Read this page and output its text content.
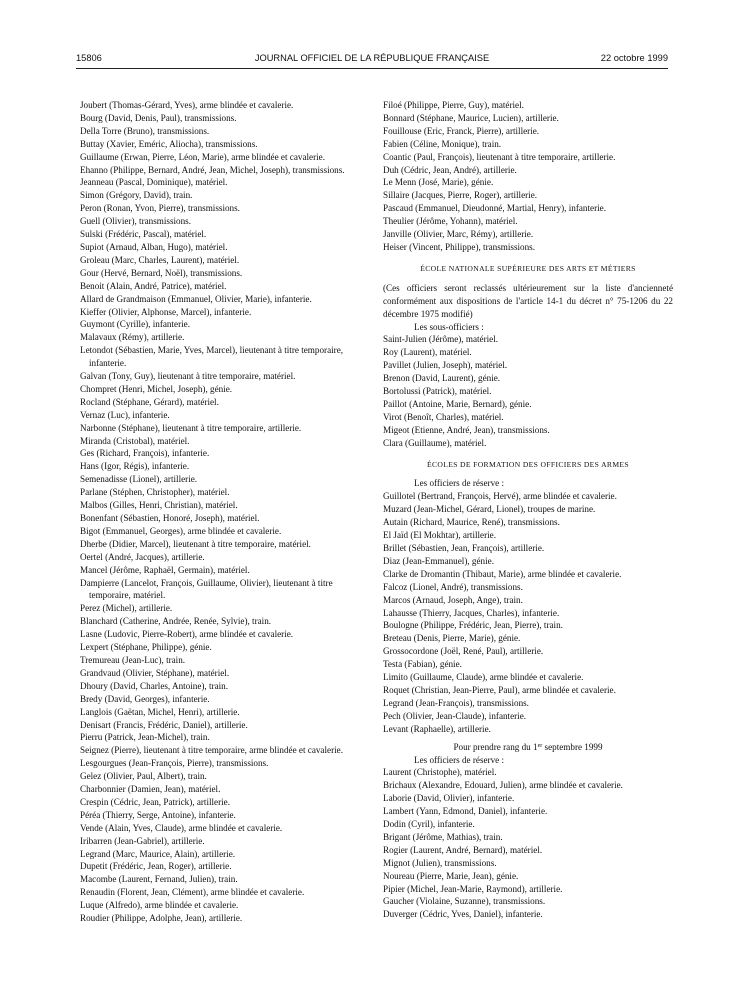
15806	JOURNAL OFFICIEL DE LA RÉPUBLIQUE FRANÇAISE	22 octobre 1999
Joubert (Thomas-Gérard, Yves), arme blindée et cavalerie.
Bourg (David, Denis, Paul), transmissions.
Della Torre (Bruno), transmissions.
Buttay (Xavier, Eméric, Aliocha), transmissions.
Guillaume (Erwan, Pierre, Léon, Marie), arme blindée et cavalerie.
Ehanno (Philippe, Bernard, André, Jean, Michel, Joseph), transmissions.
Jeanneau (Pascal, Dominique), matériel.
Simon (Grégory, David), train.
Peron (Ronan, Yvon, Pierre), transmissions.
Guell (Olivier), transmissions.
Sulski (Frédéric, Pascal), matériel.
Supiot (Arnaud, Alban, Hugo), matériel.
Groleau (Marc, Charles, Laurent), matériel.
Gour (Hervé, Bernard, Noël), transmissions.
Benoit (Alain, André, Patrice), matériel.
Allard de Grandmaison (Emmanuel, Olivier, Marie), infanterie.
Kieffer (Olivier, Alphonse, Marcel), infanterie.
Guymont (Cyrille), infanterie.
Malavaux (Rémy), artillerie.
Letondot (Sébastien, Marie, Yves, Marcel), lieutenant à titre temporaire, infanterie.
Galvan (Tony, Guy), lieutenant à titre temporaire, matériel.
Chompret (Henri, Michel, Joseph), génie.
Rocland (Stéphane, Gérard), matériel.
Vernaz (Luc), infanterie.
Narbonne (Stéphane), lieutenant à titre temporaire, artillerie.
Miranda (Cristobal), matériel.
Ges (Richard, François), infanterie.
Hans (Igor, Régis), infanterie.
Semenadisse (Lionel), artillerie.
Parlane (Stéphen, Christopher), matériel.
Malbos (Gilles, Henri, Christian), matériel.
Bonenfant (Sébastien, Honoré, Joseph), matériel.
Bigot (Emmanuel, Georges), arme blindée et cavalerie.
Dherbe (Didier, Marcel), lieutenant à titre temporaire, matériel.
Oertel (André, Jacques), artillerie.
Mancel (Jérôme, Raphaël, Germain), matériel.
Dampierre (Lancelot, François, Guillaume, Olivier), lieutenant à titre temporaire, matériel.
Perez (Michel), artillerie.
Blanchard (Catherine, Andrée, Renée, Sylvie), train.
Lasne (Ludovic, Pierre-Robert), arme blindée et cavalerie.
Lexpert (Stéphane, Philippe), génie.
Tremureau (Jean-Luc), train.
Grandvaud (Olivier, Stéphane), matériel.
Dhoury (David, Charles, Antoine), train.
Bredy (David, Georges), infanterie.
Langlois (Gaëtan, Michel, Henri), artillerie.
Denisart (Francis, Frédéric, Daniel), artillerie.
Pierru (Patrick, Jean-Michel), train.
Seignez (Pierre), lieutenant à titre temporaire, arme blindée et cavalerie.
Lesgourgues (Jean-François, Pierre), transmissions.
Gelez (Olivier, Paul, Albert), train.
Charbonnier (Damien, Jean), matériel.
Crespin (Cédric, Jean, Patrick), artillerie.
Péréa (Thierry, Serge, Antoine), infanterie.
Vende (Alain, Yves, Claude), arme blindée et cavalerie.
Iribarren (Jean-Gabriel), artillerie.
Legrand (Marc, Maurice, Alain), artillerie.
Dupetit (Frédéric, Jean, Roger), artillerie.
Macombe (Laurent, Fernand, Julien), train.
Renaudin (Florent, Jean, Clément), arme blindée et cavalerie.
Luque (Alfredo), arme blindée et cavalerie.
Roudier (Philippe, Adolphe, Jean), artillerie.
Filoé (Philippe, Pierre, Guy), matériel.
Bonnard (Stéphane, Maurice, Lucien), artillerie.
Fouillouse (Eric, Franck, Pierre), artillerie.
Fabien (Céline, Monique), train.
Coantic (Paul, François), lieutenant à titre temporaire, artillerie.
Duh (Cédric, Jean, André), artillerie.
Le Menn (José, Marie), génie.
Sillaire (Jacques, Pierre, Roger), artillerie.
Pascaud (Emmanuel, Dieudonné, Martial, Henry), infanterie.
Theulier (Jérôme, Yohann), matériel.
Janville (Olivier, Marc, Rémy), artillerie.
Heiser (Vincent, Philippe), transmissions.
ÉCOLE NATIONALE SUPÉRIEURE DES ARTS ET MÉTIERS
(Ces officiers seront reclassés ultérieurement sur la liste d'ancienneté conformément aux dispositions de l'article 14-1 du décret n° 75-1206 du 22 décembre 1975 modifié)
Les sous-officiers :
Saint-Julien (Jérôme), matériel.
Roy (Laurent), matériel.
Pavillet (Julien, Joseph), matériel.
Brenon (David, Laurent), génie.
Bortolussi (Patrick), matériel.
Paillot (Antoine, Marie, Bernard), génie.
Virot (Benoît, Charles), matériel.
Migeot (Etienne, André, Jean), transmissions.
Clara (Guillaume), matériel.
ÉCOLES DE FORMATION DES OFFICIERS DES ARMES
Les officiers de réserve :
Guillotel (Bertrand, François, Hervé), arme blindée et cavalerie.
Muzard (Jean-Michel, Gérard, Lionel), troupes de marine.
Autain (Richard, Maurice, René), transmissions.
El Jaïd (El Mokhtar), artillerie.
Brillet (Sébastien, Jean, François), artillerie.
Diaz (Jean-Emmanuel), génie.
Clarke de Dromantin (Thibaut, Marie), arme blindée et cavalerie.
Falcoz (Lionel, André), transmissions.
Marcos (Arnaud, Joseph, Ange), train.
Lahausse (Thierry, Jacques, Charles), infanterie.
Boulogne (Philippe, Frédéric, Jean, Pierre), train.
Breteau (Denis, Pierre, Marie), génie.
Grossocordone (Joël, René, Paul), artillerie.
Testa (Fabian), génie.
Limito (Guillaume, Claude), arme blindée et cavalerie.
Roquet (Christian, Jean-Pierre, Paul), arme blindée et cavalerie.
Legrand (Jean-François), transmissions.
Pech (Olivier, Jean-Claude), infanterie.
Levant (Raphaelle), artillerie.
Pour prendre rang du 1er septembre 1999
Les officiers de réserve :
Laurent (Christophe), matériel.
Brichaux (Alexandre, Edouard, Julien), arme blindée et cavalerie.
Laborie (David, Olivier), infanterie.
Lambert (Yann, Edmond, Daniel), infanterie.
Dodin (Cyril), infanterie.
Brigant (Jérôme, Mathias), train.
Rogier (Laurent, André, Bernard), matériel.
Mignot (Julien), transmissions.
Noureau (Pierre, Marie, Jean), génie.
Pipier (Michel, Jean-Marie, Raymond), artillerie.
Gaucher (Violaine, Suzanne), transmissions.
Duverger (Cédric, Yves, Daniel), infanterie.
